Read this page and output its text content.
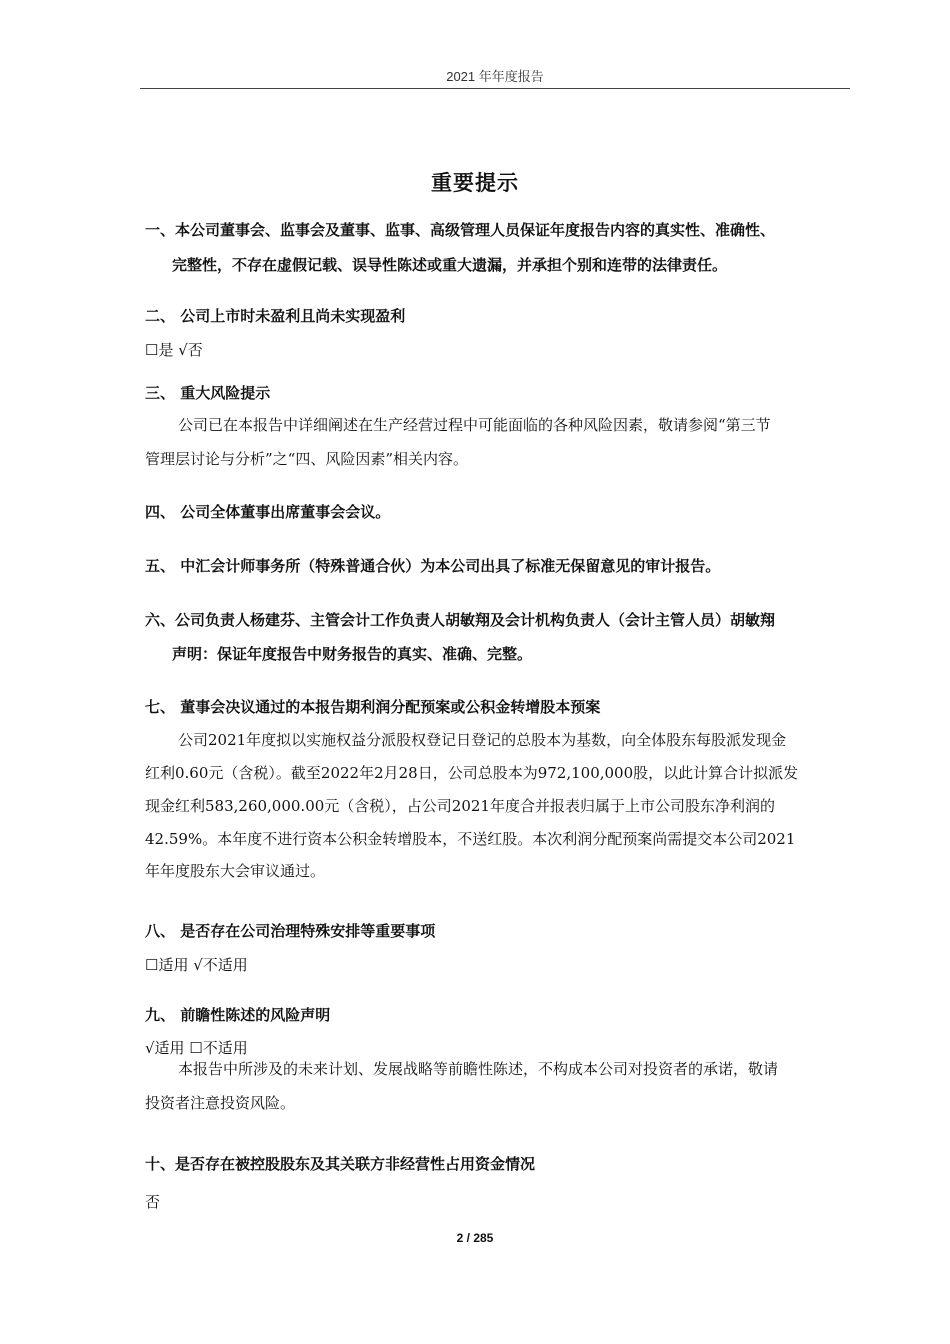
2021 年年度报告
重要提示
一、本公司董事会、监事会及董事、监事、高级管理人员保证年度报告内容的真实性、准确性、
完整性，不存在虚假记载、误导性陈述或重大遗漏，并承担个别和连带的法律责任。
二、 公司上市时未盈利且尚未实现盈利
☐是 √否
三、 重大风险提示
公司已在本报告中详细阐述在生产经营过程中可能面临的各种风险因素，敬请参阅“第三节
管理层讨论与分析”之“四、风险因素”相关内容。
四、 公司全体董事出席董事会会议。
五、 中汇会计师事务所（特殊普通合伙）为本公司出具了标准无保留意见的审计报告。
六、公司负责人杨建芬、主管会计工作负责人胡敏翔及会计机构负责人（会计主管人员）胡敏翔
声明：保证年度报告中财务报告的真实、准确、完整。
七、 董事会决议通过的本报告期利润分配预案或公积金转增股本预案
公司2021年度拟以实施权益分派股权登记日登记的总股本为基数，向全体股东每股派发现金
红利0.60元（含税）。截至2022年2月28日，公司总股本为972,100,000股，以此计算合计拟派发
现金红利583,260,000.00元（含税），占公司2021年度合并报表归属于上市公司股东净利润的
42.59%。本年度不进行资本公积金转增股本，不送红股。本次利润分配预案尚需提交本公司2021
年年度股东大会审议通过。
八、 是否存在公司治理特殊安排等重要事项
☐适用 √不适用
九、 前瞻性陈述的风险声明
√适用 ☐不适用
本报告中所涉及的未来计划、发展战略等前瞻性陈述，不构成本公司对投资者的承诺，敬请
投资者注意投资风险。
十、是否存在被控股股东及其关联方非经营性占用资金情况
否
2 / 285
